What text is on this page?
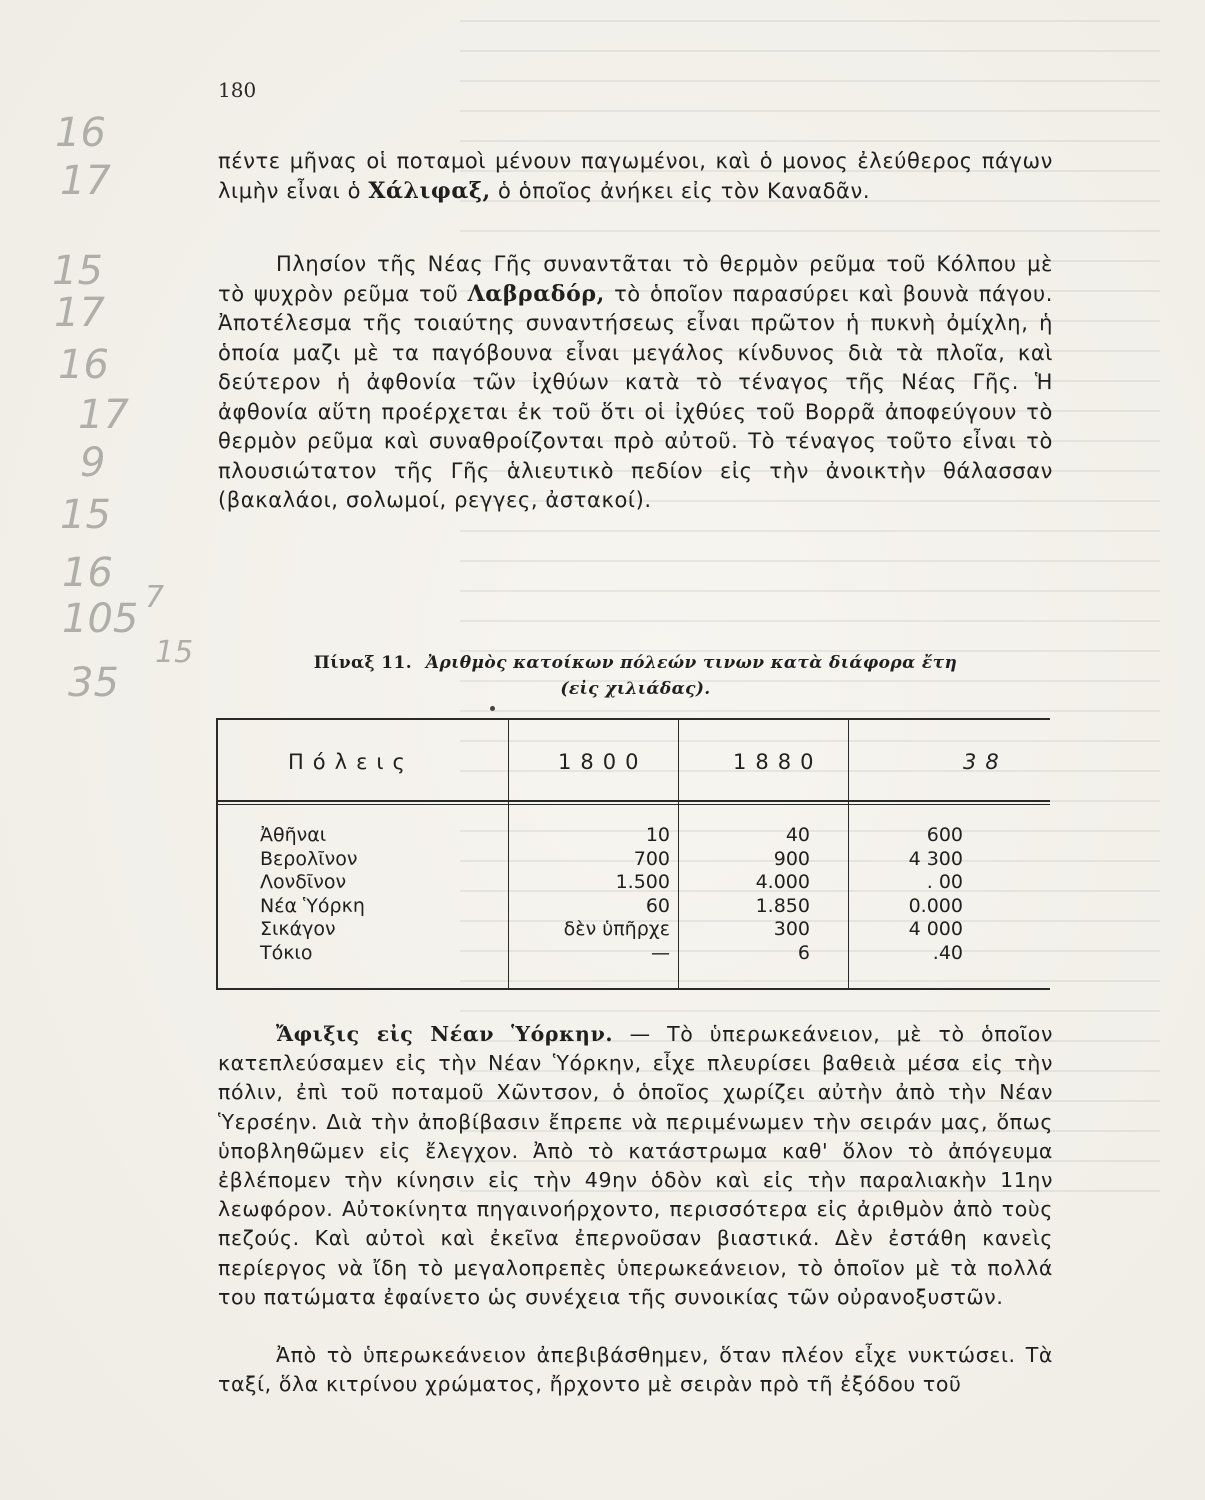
16
17
15
17
16
17
9
15
16
105
35
7
15
180

πέντε μῆνας οἱ ποταμοὶ μένουν παγωμένοι, καὶ ὁ μονος ἐλεύθερος πάγων λιμὴν εἶναι ὁ Χάλιφαξ, ὁ ὁποῖος ἀνήκει εἰς τὸν Καναδᾶν.

Πλησίον τῆς Νέας Γῆς συναντᾶται τὸ θερμὸν ρεῦμα τοῦ Κόλπου μὲ τὸ ψυχρὸν ρεῦμα τοῦ Λαβραδόρ, τὸ ὁποῖον παρασύρει καὶ βουνὰ πάγου. Ἀποτέλεσμα τῆς τοιαύτης συναντήσεως εἶναι πρῶτον ἡ πυκνὴ ὀμίχλη, ἡ ὁποία μαζι μὲ τα παγόβουνα εἶναι μεγάλος κίνδυνος διὰ τὰ πλοῖα, καὶ δεύτερον ἡ ἀφθονία τῶν ἰχθύων κατὰ τὸ τέναγος τῆς Νέας Γῆς. Ἡ ἀφθονία αὕτη προέρχεται ἐκ τοῦ ὅτι οἱ ἰχθύες τοῦ Βορρᾶ ἀποφεύγουν τὸ θερμὸν ρεῦμα καὶ συναθροίζονται πρὸ αὐτοῦ. Τὸ τέναγος τοῦτο εἶναι τὸ πλουσιώτατον τῆς Γῆς ἁλιευτικὸ πεδίον εἰς τὴν ἀνοικτὴν θάλασσαν (βακαλάοι, σολωμοί, ρεγγες, ἀστακοί).

Πίναξ 11. Ἀριθμὸς κατοίκων πόλεών τινων κατὰ διάφορα ἔτη
(εἰς χιλιάδας).
Πόλεις	1800	1880	38
Ἀθῆναι	10	40	600
Βερολῖνον	700	900	4 300
Λονδῖνον	1.500	4.000	. 00
Νέα Ὑόρκη	60	1.850	0.000
Σικάγον	δὲν ὑπῆρχε	300	4 000
Τόκιο	—	6	.40

Ἄφιξις εἰς Νέαν Ὑόρκην. — Τὸ ὑπερωκεάνειον, μὲ τὸ ὁποῖον κατεπλεύσαμεν εἰς τὴν Νέαν Ὑόρκην, εἶχε πλευρίσει βαθειὰ μέσα εἰς τὴν πόλιν, ἐπὶ τοῦ ποταμοῦ Χῶντσον, ὁ ὁποῖος χωρίζει αὐτὴν ἀπὸ τὴν Νέαν Ὑερσέην. Διὰ τὴν ἀποβίβασιν ἔπρεπε νὰ περιμένωμεν τὴν σειράν μας, ὅπως ὑποβληθῶμεν εἰς ἔλεγχον. Ἀπὸ τὸ κατάστρωμα καθ' ὅλον τὸ ἀπόγευμα ἐβλέπομεν τὴν κίνησιν εἰς τὴν 49ην ὁδὸν καὶ εἰς τὴν παραλιακὴν 11ην λεωφόρον. Αὐτοκίνητα πηγαινοήρχοντο, περισσότερα εἰς ἀριθμὸν ἀπὸ τοὺς πεζούς. Καὶ αὐτοὶ καὶ ἐκεῖνα ἐπερνοῦσαν βιαστικά. Δὲν ἐστάθη κανεὶς περίεργος νὰ ἴδη τὸ μεγαλοπρεπὲς ὑπερωκεάνειον, τὸ ὁποῖον μὲ τὰ πολλά του πατώματα ἐφαίνετο ὡς συνέχεια τῆς συνοικίας τῶν οὐρανοξυστῶν.

Ἀπὸ τὸ ὑπερωκεάνειον ἀπεβιβάσθημεν, ὅταν πλέον εἶχε νυκτώσει. Τὰ ταξί, ὅλα κιτρίνου χρώματος, ἤρχοντο μὲ σειρὰν πρὸ τῆ ἐξόδου τοῦ
